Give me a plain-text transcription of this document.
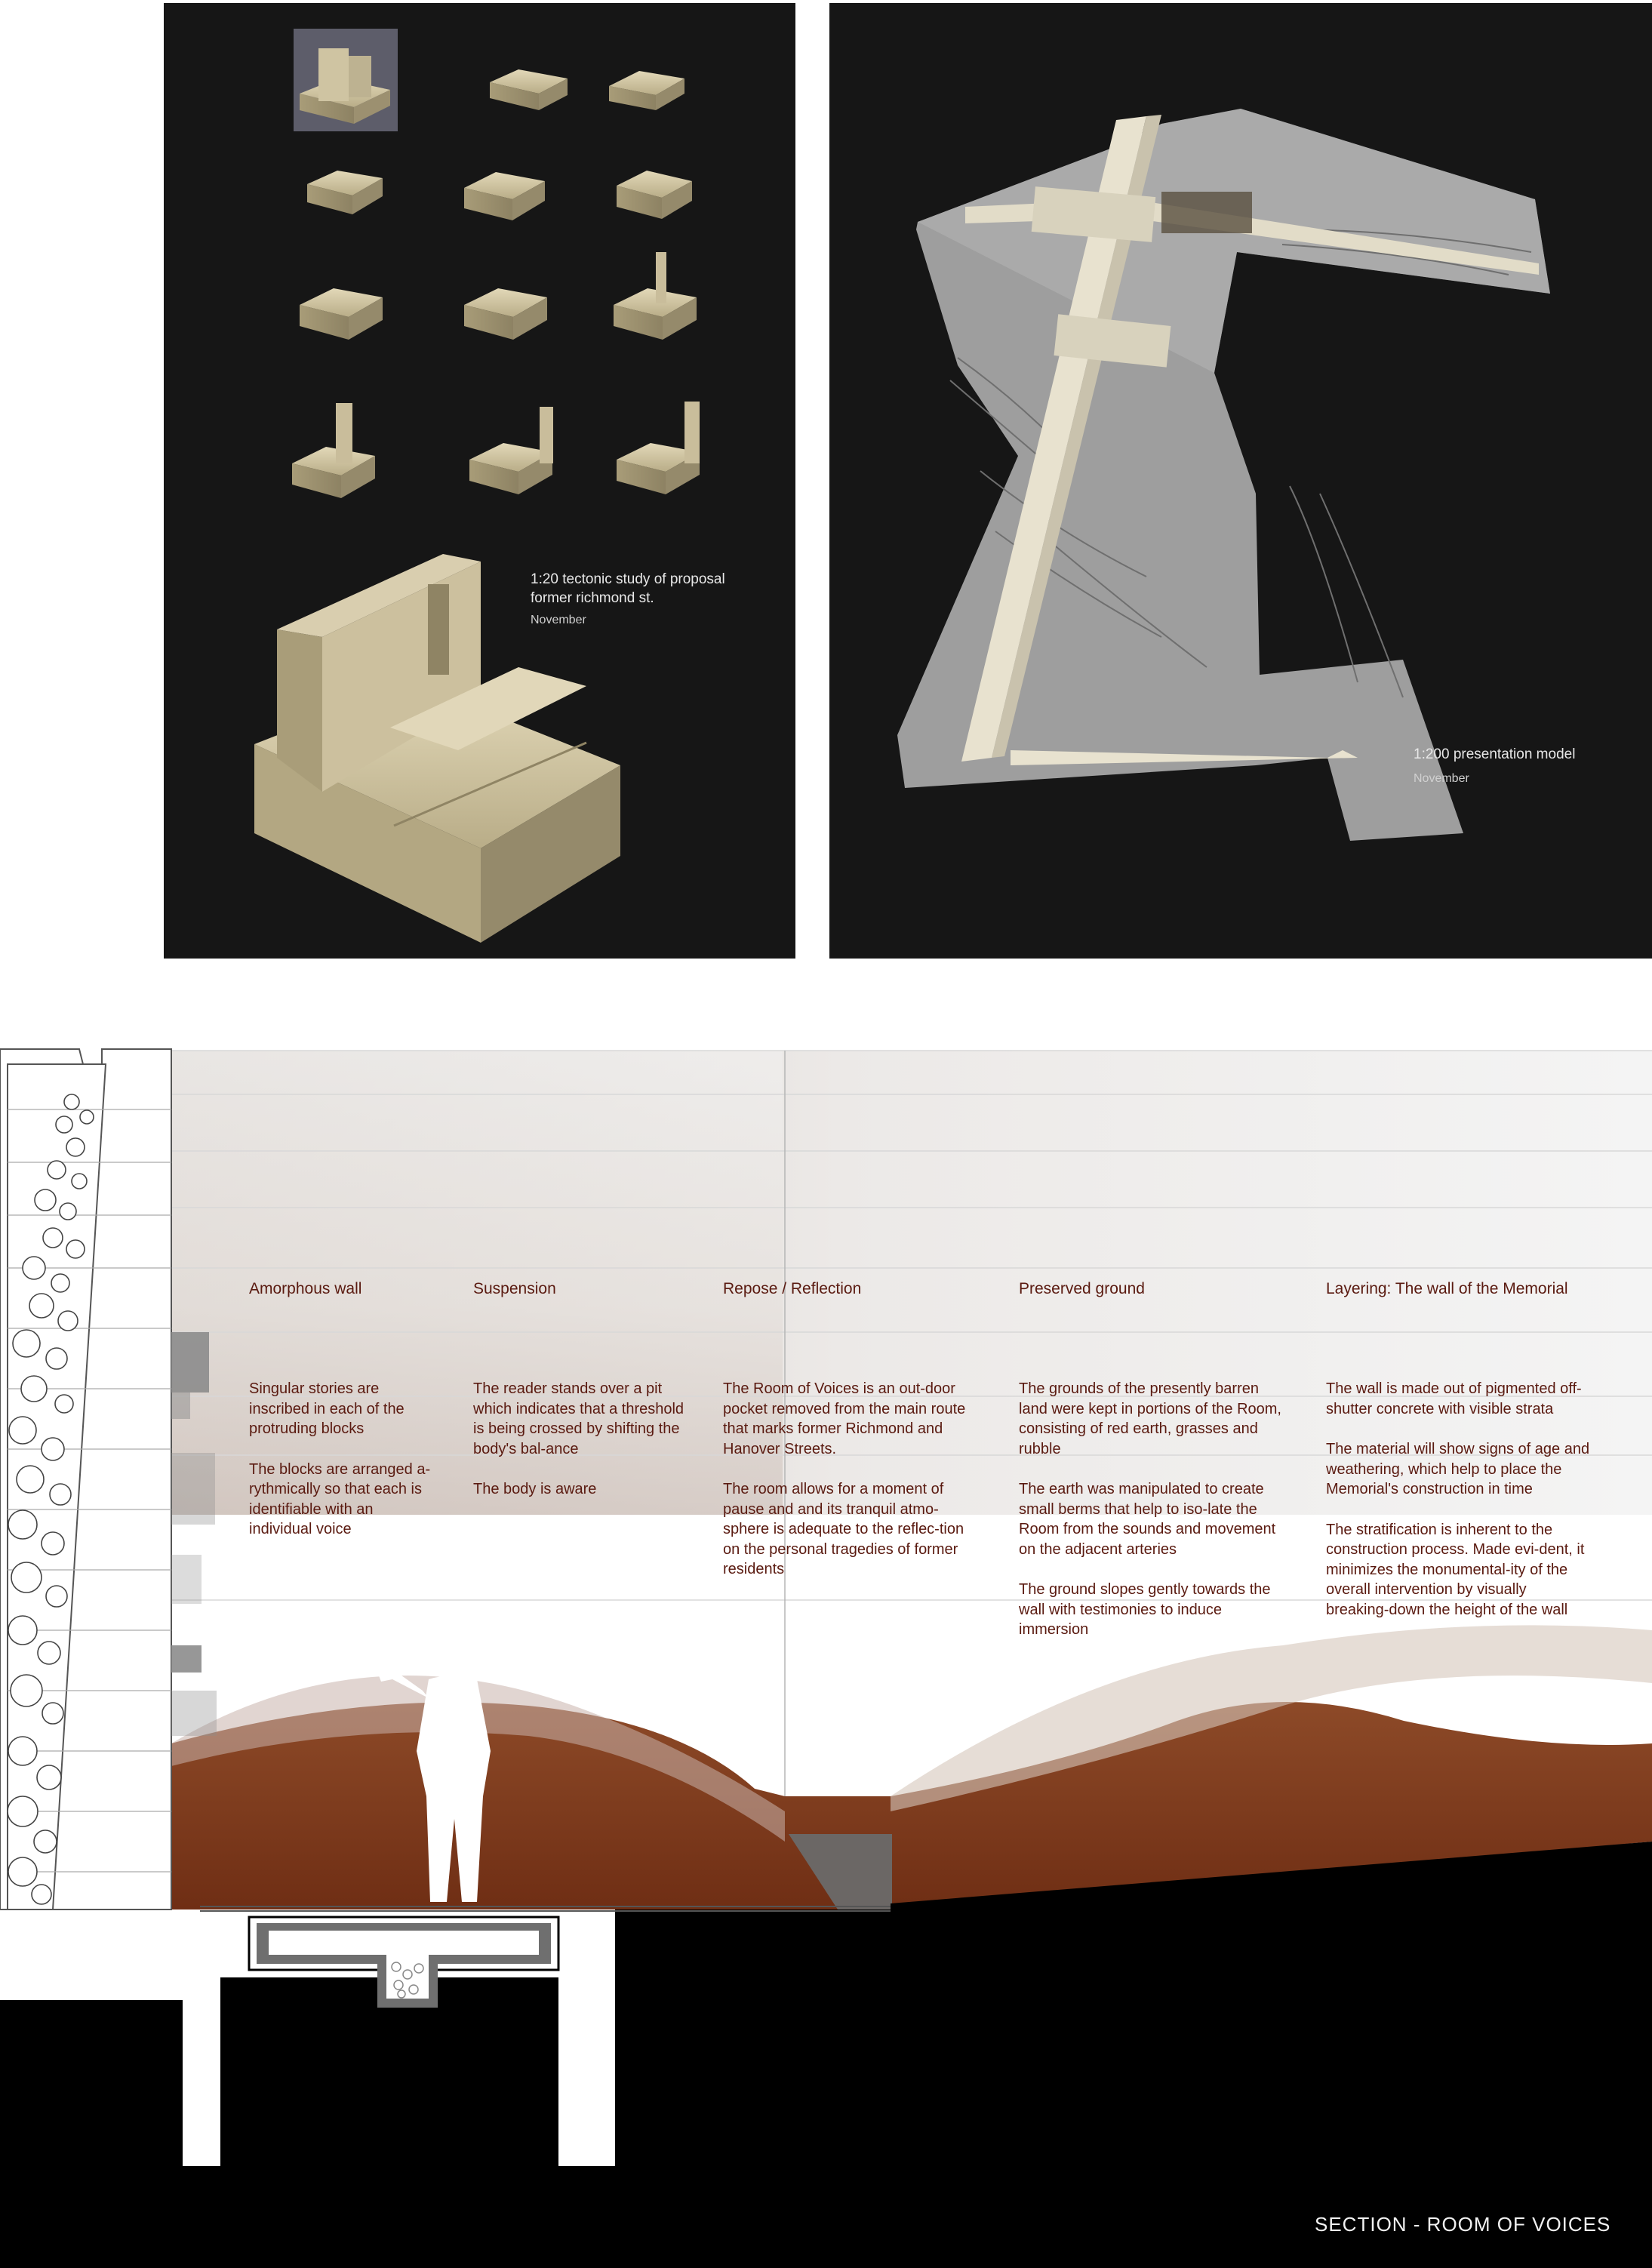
1:20 tectonic study of proposal
former richmond st.
November
1:200 presentation model
November
Amorphous wall

Singular stories are inscribed in each of the protruding blocks

The blocks are arranged a-rythmically so that each is identifiable with an individual voice

Suspension

The reader stands over a pit which indicates that a threshold is being crossed by shifting the body's bal-ance

The body is aware

Repose / Reflection

The Room of Voices is an out-door pocket removed from the main route that marks former Richmond and Hanover Streets.

The room allows for a moment of pause and and its tranquil atmo-sphere is adequate to the reflec-tion on the personal tragedies of former residents

Preserved ground

The grounds of the presently barren land were kept in portions of the Room, consisting of red earth, grasses and rubble

The earth was manipulated to create small berms that help to iso-late the Room from the sounds and movement on the adjacent arteries

The ground slopes gently towards the wall with testimonies to induce immersion

Layering: The wall of the Memorial

The wall is made out of pigmented off-shutter concrete with visible strata

The material will show signs of age and weathering, which help to place the Memorial's construction in time

The stratification is inherent to the construction process. Made evi-dent, it minimizes the monumental-ity of the overall intervention by visually breaking-down the height of the wall

SECTION - ROOM OF VOICES
